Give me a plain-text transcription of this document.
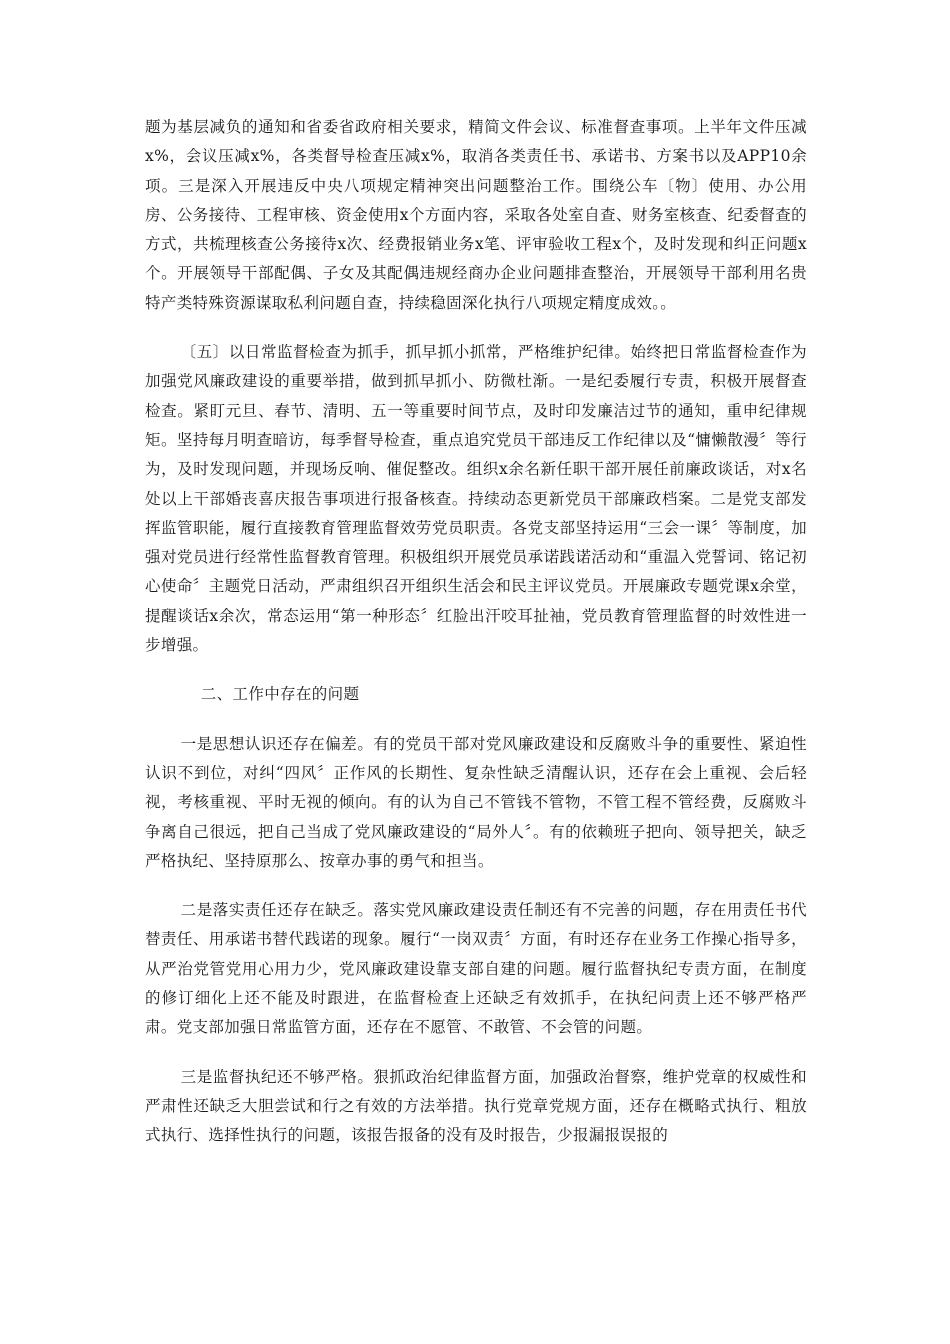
题为基层减负的通知和省委省政府相关要求，精简文件会议、标准督查事项。上半年文件压减x%，会议压减x%，各类督导检查压减x%，取消各类责任书、承诺书、方案书以及APP10余项。三是深入开展违反中央八项规定精神突出问题整治工作。围绕公车〔物〕使用、办公用房、公务接待、工程审核、资金使用x个方面内容，采取各处室自查、财务室核查、纪委督查的方式，共梳理核查公务接待x次、经费报销业务x笔、评审验收工程x个，及时发现和纠正问题x个。开展领导干部配偶、子女及其配偶违规经商办企业问题排查整治，开展领导干部利用名贵特产类特殊资源谋取私利问题自查，持续稳固深化执行八项规定精度成效。。

〔五〕以日常监督检查为抓手，抓早抓小抓常，严格维护纪律。始终把日常监督检查作为加强党风廉政建设的重要举措，做到抓早抓小、防微杜渐。一是纪委履行专责，积极开展督查检查。紧盯元旦、春节、清明、五一等重要时间节点，及时印发廉洁过节的通知，重申纪律规矩。坚持每月明查暗访，每季督导检查，重点追究党员干部违反工作纪律以及“慵懒散漫〞等行为，及时发现问题，并现场反响、催促整改。组织x余名新任职干部开展任前廉政谈话，对x名处以上干部婚丧喜庆报告事项进行报备核查。持续动态更新党员干部廉政档案。二是党支部发挥监管职能，履行直接教育管理监督效劳党员职责。各党支部坚持运用“三会一课〞等制度，加强对党员进行经常性监督教育管理。积极组织开展党员承诺践诺活动和“重温入党誓词、铭记初心使命〞主题党日活动，严肃组织召开组织生活会和民主评议党员。开展廉政专题党课x余堂，提醒谈话x余次，常态运用“第一种形态〞红脸出汗咬耳扯袖，党员教育管理监督的时效性进一步增强。

二、工作中存在的问题

一是思想认识还存在偏差。有的党员干部对党风廉政建设和反腐败斗争的重要性、紧迫性认识不到位，对纠“四风〞正作风的长期性、复杂性缺乏清醒认识，还存在会上重视、会后轻视，考核重视、平时无视的倾向。有的认为自己不管钱不管物，不管工程不管经费，反腐败斗争离自己很远，把自己当成了党风廉政建设的“局外人〞。有的依赖班子把向、领导把关，缺乏严格执纪、坚持原那么、按章办事的勇气和担当。

二是落实责任还存在缺乏。落实党风廉政建设责任制还有不完善的问题，存在用责任书代替责任、用承诺书替代践诺的现象。履行“一岗双责〞方面，有时还存在业务工作操心指导多，从严治党管党用心用力少，党风廉政建设靠支部自建的问题。履行监督执纪专责方面，在制度的修订细化上还不能及时跟进，在监督检查上还缺乏有效抓手，在执纪问责上还不够严格严肃。党支部加强日常监管方面，还存在不愿管、不敢管、不会管的问题。

三是监督执纪还不够严格。狠抓政治纪律监督方面，加强政治督察，维护党章的权威性和严肃性还缺乏大胆尝试和行之有效的方法举措。执行党章党规方面，还存在概略式执行、粗放式执行、选择性执行的问题，该报告报备的没有及时报告，少报漏报误报的
